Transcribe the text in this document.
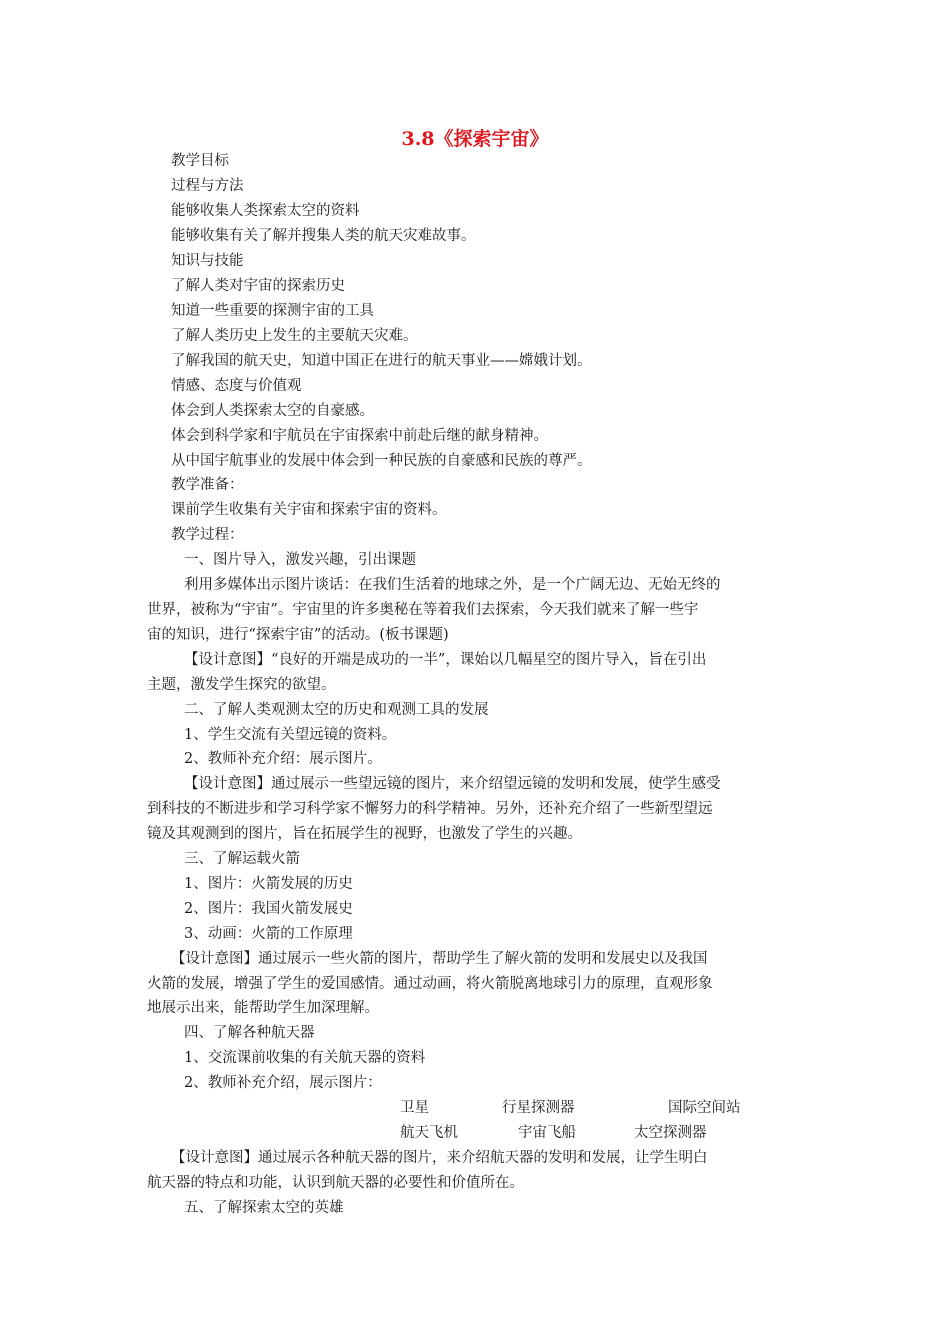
3.8《探索宇宙》
教学目标
过程与方法
能够收集人类探索太空的资料
能够收集有关了解并搜集人类的航天灾难故事。
知识与技能
了解人类对宇宙的探索历史
知道一些重要的探测宇宙的工具
了解人类历史上发生的主要航天灾难。
了解我国的航天史，知道中国正在进行的航天事业——嫦娥计划。
情感、态度与价值观
体会到人类探索太空的自豪感。
体会到科学家和宇航员在宇宙探索中前赴后继的献身精神。
从中国宇航事业的发展中体会到一种民族的自豪感和民族的尊严。
教学准备：
课前学生收集有关宇宙和探索宇宙的资料。
教学过程：
一、图片导入，激发兴趣，引出课题
利用多媒体出示图片谈话：在我们生活着的地球之外，是一个广阔无边、无始无终的
世界，被称为“宇宙”。宇宙里的许多奥秘在等着我们去探索，今天我们就来了解一些宇
宙的知识，进行“探索宇宙”的活动。(板书课题)
【设计意图】“良好的开端是成功的一半”，课始以几幅星空的图片导入，旨在引出
主题，激发学生探究的欲望。
二、了解人类观测太空的历史和观测工具的发展
1、学生交流有关望远镜的资料。
2、教师补充介绍：展示图片。
【设计意图】通过展示一些望远镜的图片，来介绍望远镜的发明和发展，使学生感受
到科技的不断进步和学习科学家不懈努力的科学精神。另外，还补充介绍了一些新型望远
镜及其观测到的图片，旨在拓展学生的视野，也激发了学生的兴趣。
三、了解运载火箭
1、图片：火箭发展的历史
2、图片：我国火箭发展史
3、动画：火箭的工作原理
【设计意图】通过展示一些火箭的图片，帮助学生了解火箭的发明和发展史以及我国
火箭的发展，增强了学生的爱国感情。通过动画，将火箭脱离地球引力的原理，直观形象
地展示出来，能帮助学生加深理解。
四、了解各种航天器
1、交流课前收集的有关航天器的资料
2、教师补充介绍，展示图片：
卫星	行星探测器	国际空间站
航天飞机	宇宙飞船	太空探测器
【设计意图】通过展示各种航天器的图片，来介绍航天器的发明和发展，让学生明白
航天器的特点和功能，认识到航天器的必要性和价值所在。
五、了解探索太空的英雄
